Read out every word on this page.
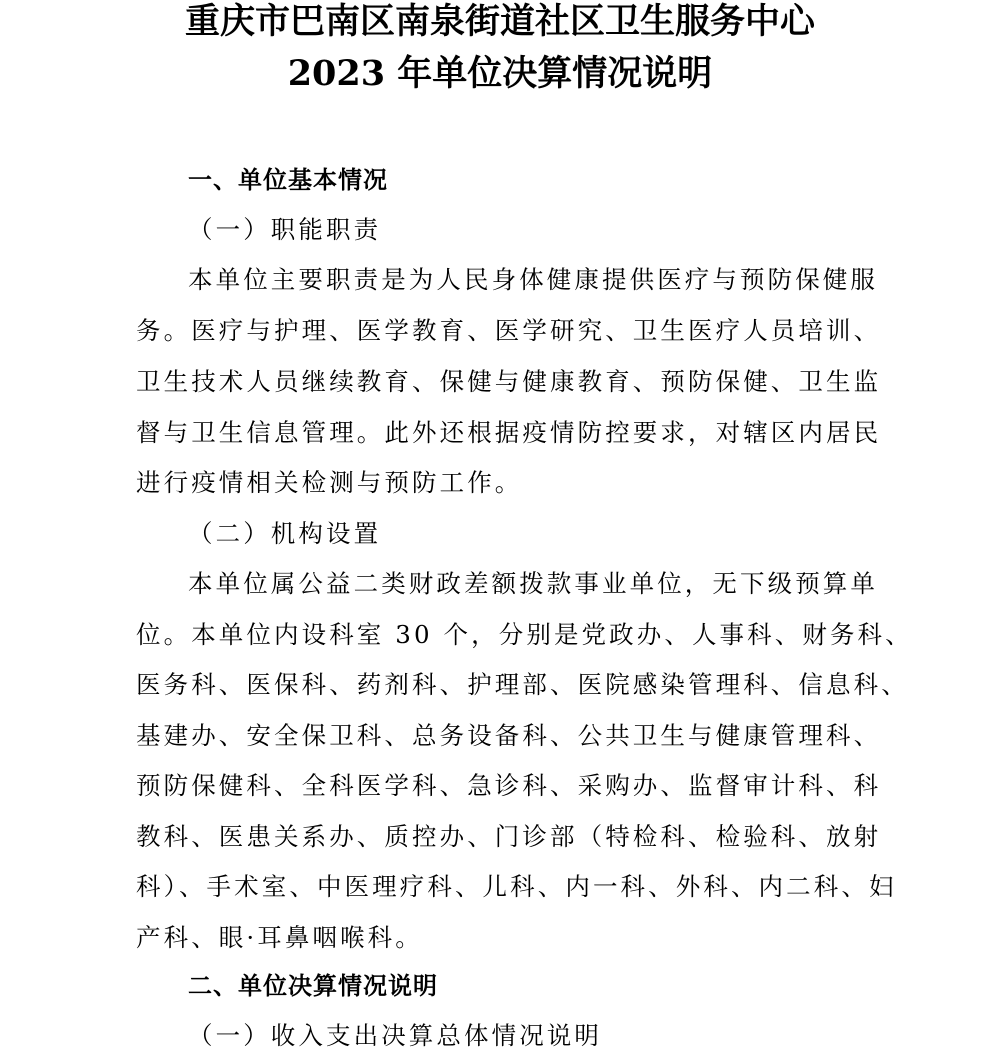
重庆市巴南区南泉街道社区卫生服务中心
2023 年单位决算情况说明
一、单位基本情况
（一）职能职责
本单位主要职责是为人民身体健康提供医疗与预防保健服
务。医疗与护理、医学教育、医学研究、卫生医疗人员培训、
卫生技术人员继续教育、保健与健康教育、预防保健、卫生监
督与卫生信息管理。此外还根据疫情防控要求，对辖区内居民
进行疫情相关检测与预防工作。
（二）机构设置
本单位属公益二类财政差额拨款事业单位，无下级预算单
位。本单位内设科室 30 个，分别是党政办、人事科、财务科、
医务科、医保科、药剂科、护理部、医院感染管理科、信息科、
基建办、安全保卫科、总务设备科、公共卫生与健康管理科、
预防保健科、全科医学科、急诊科、采购办、监督审计科、科
教科、医患关系办、质控办、门诊部（特检科、检验科、放射
科）、手术室、中医理疗科、儿科、内一科、外科、内二科、妇
产科、眼·耳鼻咽喉科。
二、单位决算情况说明
（一）收入支出决算总体情况说明
